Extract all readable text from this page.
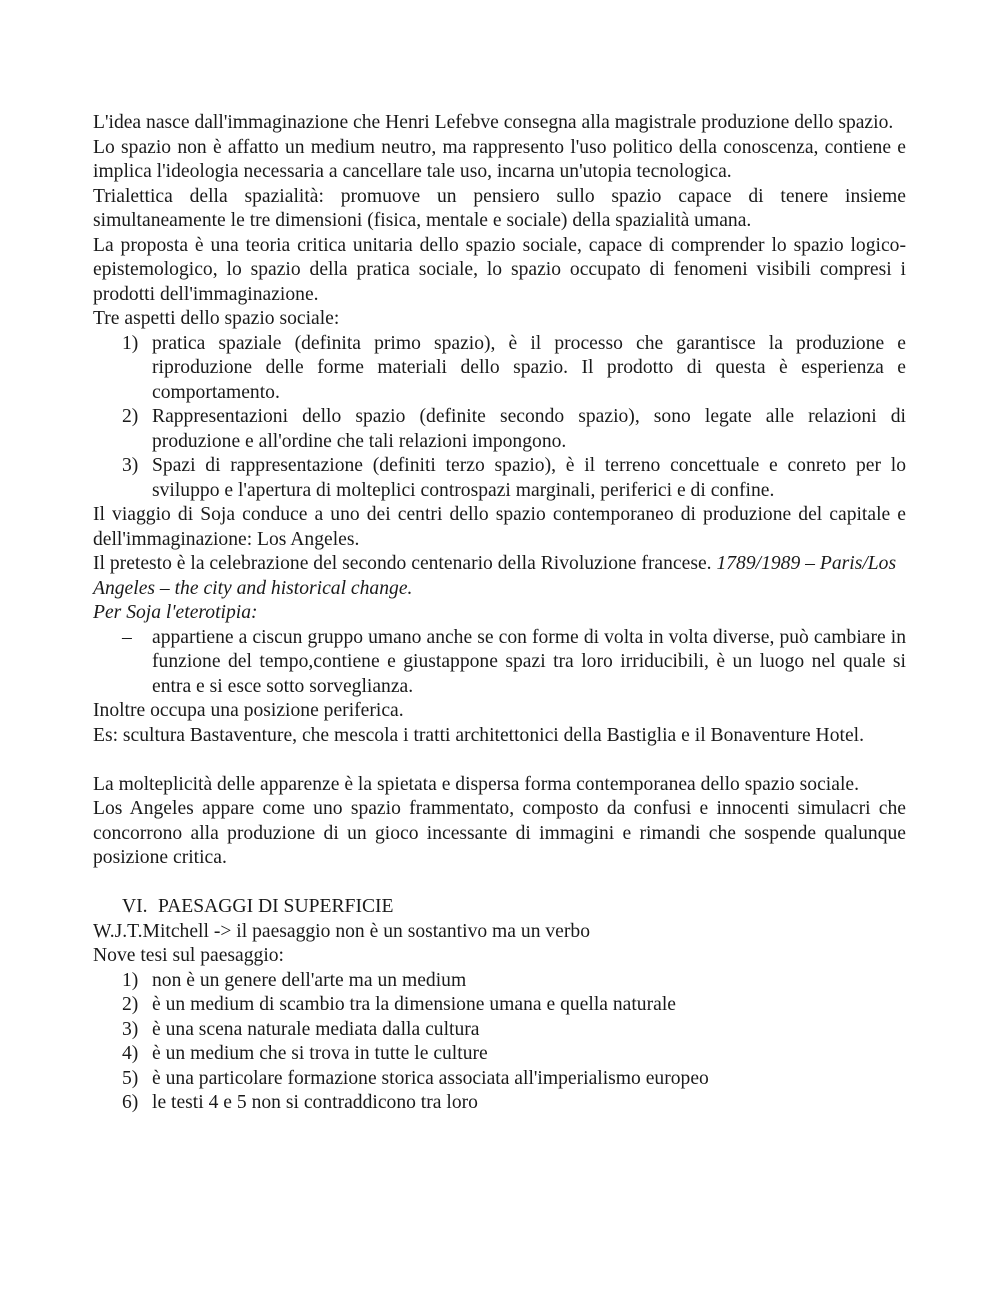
L'idea nasce dall'immaginazione che Henri Lefebve consegna alla magistrale produzione dello spazio.

Lo spazio non è affatto un medium neutro, ma rappresento l'uso politico della conoscenza, contiene e implica l'ideologia necessaria a cancellare tale uso, incarna un'utopia tecnologica.

Trialettica della spazialità: promuove un pensiero sullo spazio capace di tenere insieme simultaneamente le tre dimensioni (fisica, mentale e sociale) della spazialità umana.

La proposta è una teoria critica unitaria dello spazio sociale, capace di comprender lo spazio logico-epistemologico, lo spazio della pratica sociale, lo spazio occupato di fenomeni visibili compresi i prodotti dell'immaginazione.

Tre aspetti dello spazio sociale:

1) pratica spaziale (definita primo spazio), è il processo che garantisce la produzione e riproduzione delle forme materiali dello spazio. Il prodotto di questa è esperienza e comportamento.
2) Rappresentazioni dello spazio (definite secondo spazio), sono legate alle relazioni di produzione e all'ordine che tali relazioni impongono.
3) Spazi di rappresentazione (definiti terzo spazio), è il terreno concettuale e conreto per lo sviluppo e l'apertura di molteplici controspazi marginali, periferici e di confine.

Il viaggio di Soja conduce a uno dei centri dello spazio contemporaneo di produzione del capitale e dell'immaginazione: Los Angeles.

Il pretesto è la celebrazione del secondo centenario della Rivoluzione francese. 1789/1989 – Paris/Los Angeles – the city and historical change.

Per Soja l'eterotipia:

– appartiene a ciscun gruppo umano anche se con forme di volta in volta diverse, può cambiare in funzione del tempo,contiene e giustappone spazi tra loro irriducibili, è un luogo nel quale si entra e si esce sotto sorveglianza.

Inoltre occupa una posizione periferica.

Es: scultura Bastaventure, che mescola i tratti architettonici della Bastiglia e il Bonaventure Hotel.

La molteplicità delle apparenze è la spietata e dispersa forma contemporanea dello spazio sociale.

Los Angeles appare come uno spazio frammentato, composto da confusi e innocenti simulacri che concorrono alla produzione di un gioco incessante di immagini e rimandi che sospende qualunque posizione critica.

VI. PAESAGGI DI SUPERFICIE

W.J.T.Mitchell -> il paesaggio non è un sostantivo ma un verbo

Nove tesi sul paesaggio:

1) non è un genere dell'arte ma un medium
2) è un medium di scambio tra la dimensione umana e quella naturale
3) è una scena naturale mediata dalla cultura
4) è un medium che si trova in tutte le culture
5) è una particolare formazione storica associata all'imperialismo europeo
6) le testi 4 e 5 non si contraddicono tra loro
